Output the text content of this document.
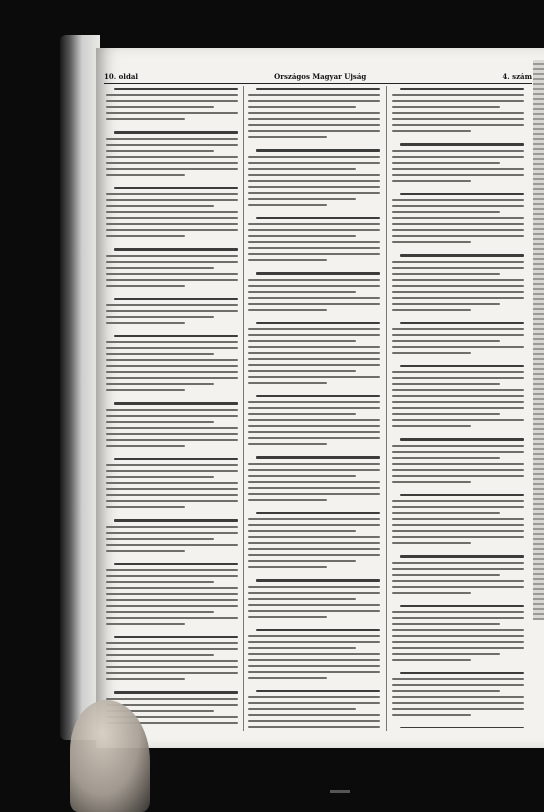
10. oldal	Országos Magyar Ujság	4. szám
